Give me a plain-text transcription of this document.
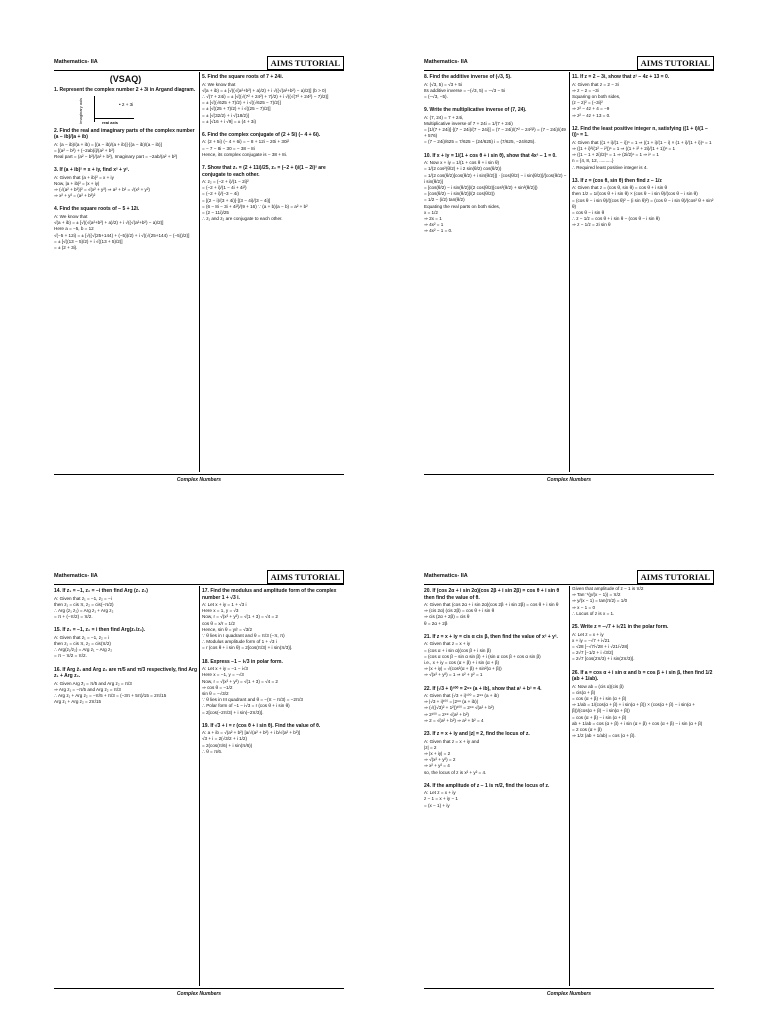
Mathematics- IIA	AIMS TUTORIAL
(VSAQ)
1. Represent the complex number 2 + 3i in Argand diagram.
imaginary axis	• 2 + 3i
real axis
2. Find the real and imaginary parts of the complex number (a − ib)/(a + ib)
A: (a − ib)/(a + ib) = [(a − ib)/(a + ib)]·[(a − ib)/(a − ib)]
= [(a² − b²) + (−2ab)i]/(a² + b²)
Real part = (a² − b²)/(a² + b²), Imaginary part = −2ab/(a² + b²)
3. If (a + ib)² = x + iy, find x² + y².
A: Given that (a + ib)² = x + iy
Now, |a + ib|² = |x + iy|
⇒ (√(a² + b²))² = √(x² + y²) ⇒ a² + b² = √(x² + y²)
⇒ x² + y² = (a² + b²)²
4. Find the square roots of − 5 + 12i.
A: We know that
√(a + ib) = ± [√((√(a²+b²) + a)/2) + i √((√(a²+b²) − a)/2)]
Here a = −5, b = 12
√(−5 + 12i) = ± [√((√(25+144) + (−5))/2) + i √((√(25+144) − (−5))/2)]
= ± [√((13 − 5)/2) + i √((13 + 5)/2)]
= ± (2 + 3i).
5. Find the square roots of 7 + 24i.
A: We know that
√(a + ib) = ± [√((√(a²+b²) + a)/2) + i √((√(a²+b²) − a)/2)] (b > 0)
∴ √(7 + 24i) = ± [√((√(7² + 24²) + 7)/2) + i √((√(7² + 24²) − 7)/2)]
= ± [√((√625 + 7)/2) + i √((√625 − 7)/2)]
= ± [√((25 + 7)/2) + i √((25 − 7)/2)]
= ± [√(32/2) + i √(18/2)]
= ± [√16 + i √9] = ± (4 + 3i)
6. Find the complex conjugate of (2 + 5i) (− 4 + 6i).
A: (2 + 5i) (− 4 + 6i) = − 8 + 12i − 20i + 30i²
= − 7 − 8i − 30 = − 38 − 8i
Hence, its complex conjugate is − 38 + 8i.
7. Show that z₁ = (2 + 11i)/25, z₂ = (−2 + i)/(1 − 2i)² are conjugate to each other.
A: z₂ = (−2 + i)/(1 − 2i)²
= (−2 + i)/(1 − 4i + 4i²)
= (−2 + i)/(−3 − 4i)
= [(2 − i)/(3 + 4i)]·[(3 − 4i)/(3 − 4i)]
= (6 − 8i − 3i + 4i²)/(9 + 16) ∵ (a + b)(a − b) = a² + b²
= (2 − 11i)/25
∴ z₁ and z₂ are conjugate to each other.
Complex Numbers
Mathematics- IIA	AIMS TUTORIAL
8. Find the additive inverse of (√3, 5).
A: (√3, 5) = √3 + 5i
Its additive inverse = −(√3, 5) = −√3 − 5i
= (−√3, −5).
9. Write the multiplicative inverse of (7, 24).
A: (7, 24) = 7 + 24i,
Multiplicative inverse of 7 + 24i = 1/(7 + 24i)
= [1/(7 + 24i)]·[(7 − 24i)/(7 − 24i)] = (7 − 24i)/(7² − 24²i²) = (7 − 24i)/(49 + 576)
= (7 − 24i)/625 = 7/625 − (24/625) i = (7/625, −24/625).
10. If x + iy = 1/(1 + cos θ + i sin θ), show that 4x² − 1 = 0.
A: Now x + iy = 1/(1 + cos θ + i sin θ)
= 1/(2 cos²(θ/2) + i 2 sin(θ/2) cos(θ/2))
= 1/(2 cos(θ/2)[cos(θ/2) + i sin(θ/2)]) · [cos(θ/2) − i sin(θ/2)]/[cos(θ/2) − i sin(θ/2)]
= [cos(θ/2) − i sin(θ/2)]/(2 cos(θ/2)[cos²(θ/2) + sin²(θ/2)])
= [cos(θ/2) − i sin(θ/2)]/(2 cos(θ/2))
= 1/2 − (i/2) tan(θ/2)
Equating the real parts on both sides,
x = 1/2
⇒ 2x = 1
⇒ 4x² = 1
⇒ 4x² − 1 = 0.
11. If z = 2 − 3i, show that z² − 4z + 13 = 0.
A: Given that z = 2 − 3i
⇒ z − 2 = −3i
Squaring on both sides,
(z − 2)² = (−3i)²
⇒ z² − 4z + 4 = −9
⇒ z² − 4z + 13 = 0.
12. Find the least positive integer n, satisfying ((1 + i)/(1 − i))ⁿ = 1.
A: Given that ((1 + i)/(1 − i))ⁿ = 1 ⇒ ((1 + i)/(1 − i) × (1 + i)/(1 + i))ⁿ = 1
⇒ ((1 + i)²/(1² − i²))ⁿ = 1 ⇒ ((1 + i² + 2i)/(1 + 1))ⁿ = 1
⇒ ((1 − 1 + 2i)/2)ⁿ = 1 ⇒ (2i/2)ⁿ = 1 ⇒ iⁿ = 1
n = {4, 8, 12, ..........}
∴ Required least positive integer is 4.
13. If z = (cos θ, sin θ) then find z − 1/z
A: Given that z = (cos θ, sin θ) = cos θ + i sin θ
then 1/z = 1/(cos θ + i sin θ) × (cos θ − i sin θ)/(cos θ − i sin θ)
= (cos θ − i sin θ)/((cos θ)² − (i sin θ)²) = (cos θ − i sin θ)/(cos² θ + sin² θ)
= cos θ − i sin θ
∴ z − 1/z = cos θ + i sin θ − (cos θ − i sin θ)
⇒ z − 1/z = 2i sin θ
Complex Numbers
Mathematics- IIA	AIMS TUTORIAL
14. If z₁ = −1, z₂ = −i then find Arg (z₁ z₂)
A: Given that z₁ = −1, z₂ = −i
then z₁ = cis π, z₂ = cis(−π/2)
∴ Arg (z₁ z₂) = Arg z₁ + Arg z₂
= π + (−π/2) = π/2.
15. If z₁ = −1, z₂ = i then find Arg(z₁/z₂).
A: Given that z₁ = −1, z₂ = i
then z₁ = cis π, z₂ = cis(π/2)
∴ Arg(z₁/z₂) = Arg z₁ − Arg z₂
= π − π/2 = π/2.
16. If Arg z̄₁ and Arg z₂ are π/5 and π/3 respectively, find Arg z₁ + Arg z₂.
A: Given Arg z̄₁ = π/5 and Arg z₂ = π/3
⇒ Arg z₁ = −π/5 and Arg z₂ = π/3
∴ Arg z₁ + Arg z₂ = −π/5 + π/3 = (−3π + 5π)/15 = 2π/15
Arg z₁ + Arg z₂ = 2π/15
17. Find the modulus and amplitude form of the complex number 1 + √3 i.
A: Let x + iy = 1 + √3 i
Here x = 1, y = √3
Now, r = √(x² + y²) = √(1 + 3) = √4 = 2
cos θ = x/r = 1/2
Hence, sin θ = y/r = √3/2
∵ θ lies in I quadrant and θ = π/3 (−π, π)
∴ Modulus amplitude form of 1 + √3 i
= r (cos θ + i sin θ) = 2[cos(π/3) + i sin(π/3)].
18. Express −1 − i√3 in polar form.
A: Let x + iy = −1 − i√3
Here x = −1, y = −√3
Now, r = √(x² + y²) = √(1 + 3) = √4 = 2
⇒ cos θ = −1/2
sin θ = −√3/2
∵ θ lies in III quadrant and θ = −(π − π/3) = −2π/3
∴ Polar form of −1 − i√3 = r (cos θ + i sin θ)
= 2[cos(−2π/3) + i sin(−2π/3)].
19. If √3 + i = r (cos θ + i sin θ). Find the value of θ.
A: a + ib = √(a² + b²) [a/√(a² + b²) + i b/√(a² + b²)]
√3 + i = 2(√3/2 + i 1/2)
= 2(cos(π/6) + i sin(π/6))
∴ θ = π/6.
Complex Numbers
Mathematics- IIA	AIMS TUTORIAL
20. If (cos 2α + i sin 2α)(cos 2β + i sin 2β) = cos θ + i sin θ then find the value of θ.
A: Given that (cos 2α + i sin 2α)(cos 2β + i sin 2β) = cos θ + i sin θ
⇒ (cis 2α) (cis 2β) = cos θ + i sin θ
⇒ cis (2α + 2β) = cis θ
θ = 2α + 2β
21. If z = x + iy = cis α cis β, then find the value of x² + y².
A: Given that z = x + iy
= (cos α + i sin α)(cos β + i sin β)
= (cos α cos β − sin α sin β) + i (sin α cos β + cos α sin β)
i.e., x + iy = cos (α + β) + i sin (α + β)
⇒ |x + iy| = √(cos²(α + β) + sin²(α + β))
⇒ √(x² + y²) = 1 ⇒ x² + y² = 1
22. If (√3 + i)¹⁰⁰ = 2⁹⁹ (a + ib), show that a² + b² = 4.
A: Given that (√3 + i)¹⁰⁰ = 2⁹⁹ (a + ib)
⇒ |√3 + i|¹⁰⁰ = |2⁹⁹ (a + ib)|
⇒ (√((√3)² + 1²))¹⁰⁰ = 2⁹⁹ √(a² + b²)
⇒ 2¹⁰⁰ = 2⁹⁹ √(a² + b²)
⇒ 2 = √(a² + b²) ⇒ a² + b² = 4
23. If z = x + iy and |z| = 2, find the locus of z.
A: Given that z = x + iy and
|z| = 2
⇒ |x + iy| = 2
⇒ √(x² + y²) = 2
⇒ x² + y² = 4
so, the locus of z is x² + y² = 4.
24. If the amplitude of z − 1 is π/2, find the locus of z.
A: Let z = x + iy
z − 1 = x + iy − 1
= (x − 1) + iy
Given that amplitude of z − 1 is π/2
⇒ Tan⁻¹(y/(x − 1)) = π/2
⇒ y/(x − 1) = tan(π/2) = 1/0
⇒ x − 1 = 0
∴ Locus of z is x = 1.
25. Write z = −√7 + i√21 in the polar form.
A: Let z = x + iy
x + iy = −√7 + i√21
= √28 [−√7/√28 + i √21/√28]
= 2√7 [−1/2 + i √3/2]
= 2√7 [cos(2π/3) + i sin(2π/3)].
26. If a = cos α + i sin α and b = cos β + i sin β, then find 1/2 (ab + 1/ab).
A: Now ab = (cis α)(cis β)
= cis(α + β)
= cos (α + β) + i sin (α + β)
⇒ 1/ab = 1/(cos(α + β) + i sin(α + β)) × (cos(α + β) − i sin(α + β))/(cos(α + β) − i sin(α + β))
= cos (α + β) − i sin (α + β)
ab + 1/ab = cos (α + β) + i sin (α + β) + cos (α + β) − i sin (α + β)
= 2 cos (α + β)
⇒ 1/2 (ab + 1/ab) = cos (α + β).
Complex Numbers
